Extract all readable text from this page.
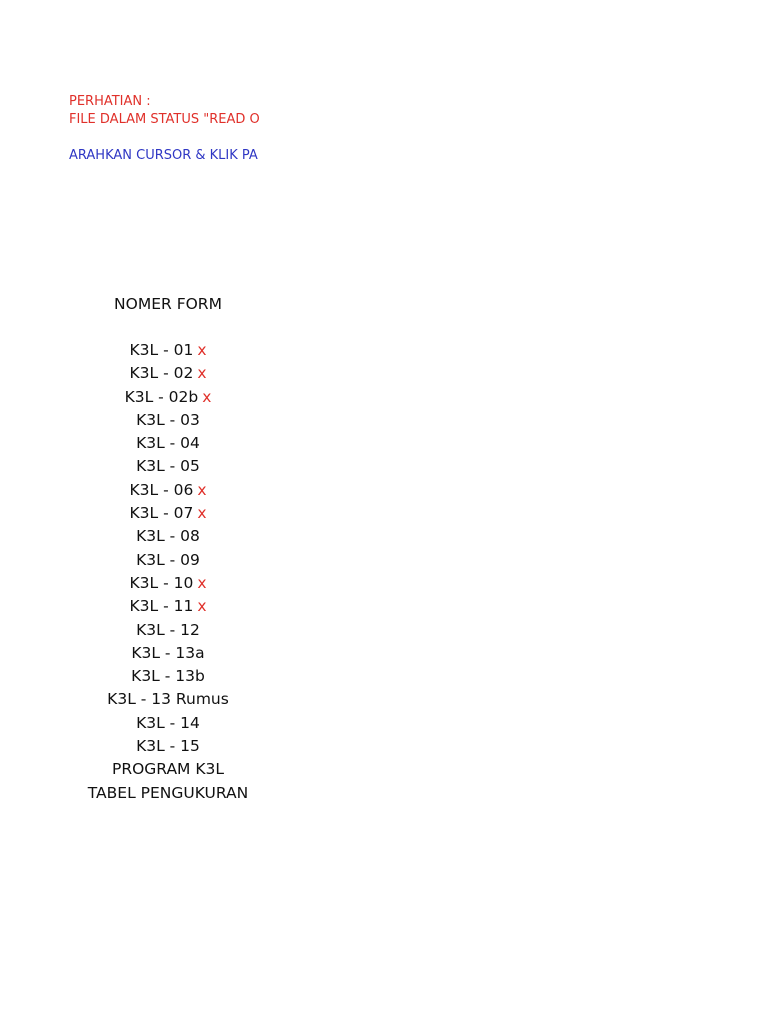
PERHATIAN :
FILE DALAM STATUS "READ O
ARAHKAN CURSOR & KLIK PA
NOMER FORM
K3L - 01 x
K3L - 02 x
K3L - 02b x
K3L - 03
K3L - 04
K3L - 05
K3L - 06 x
K3L - 07 x
K3L - 08
K3L - 09
K3L - 10 x
K3L - 11 x
K3L - 12
K3L - 13a
K3L - 13b
K3L - 13 Rumus
K3L - 14
K3L - 15
PROGRAM K3L
TABEL PENGUKURAN
